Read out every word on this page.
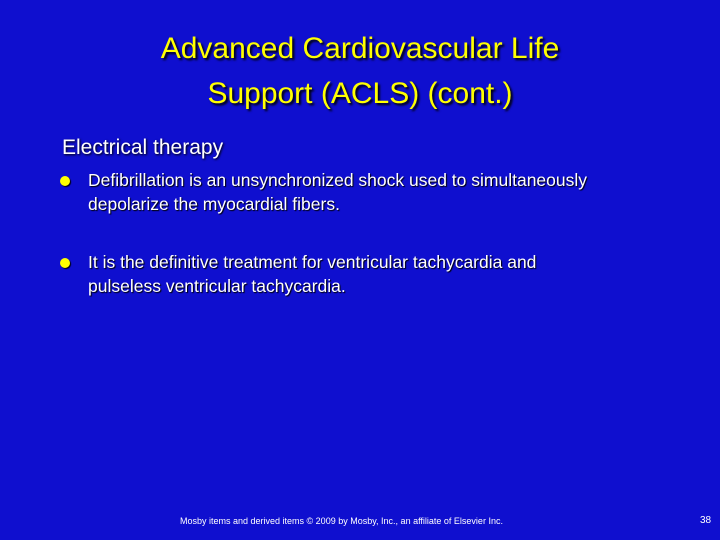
Advanced Cardiovascular Life
Support (ACLS) (cont.)
Electrical therapy
Defibrillation is an unsynchronized shock used to simultaneously
depolarize the myocardial fibers.
It is the definitive treatment for ventricular tachycardia and
pulseless ventricular tachycardia.
Mosby items and derived items © 2009 by Mosby, Inc., an affiliate of Elsevier Inc.	38
